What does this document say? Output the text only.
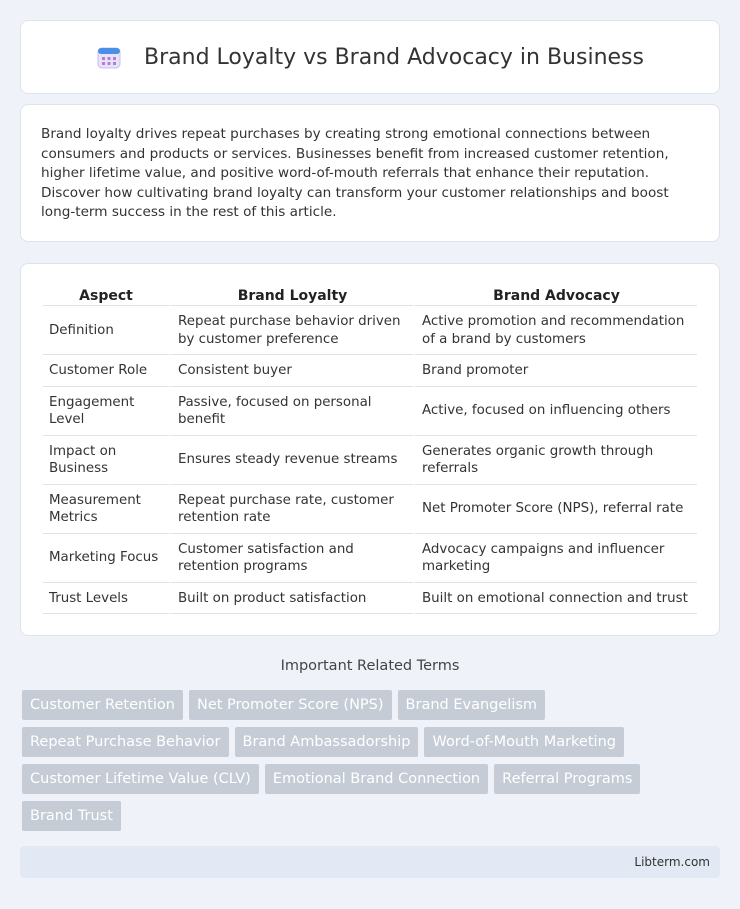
Brand Loyalty vs Brand Advocacy in Business

Brand loyalty drives repeat purchases by creating strong emotional connections between consumers and products or services. Businesses benefit from increased customer retention, higher lifetime value, and positive word-of-mouth referrals that enhance their reputation. Discover how cultivating brand loyalty can transform your customer relationships and boost long-term success in the rest of this article.

Aspect	Brand Loyalty	Brand Advocacy
Definition	Repeat purchase behavior driven by customer preference	Active promotion and recommendation of a brand by customers
Customer Role	Consistent buyer	Brand promoter
Engagement Level	Passive, focused on personal benefit	Active, focused on influencing others
Impact on Business	Ensures steady revenue streams	Generates organic growth through referrals
Measurement Metrics	Repeat purchase rate, customer retention rate	Net Promoter Score (NPS), referral rate
Marketing Focus	Customer satisfaction and retention programs	Advocacy campaigns and influencer marketing
Trust Levels	Built on product satisfaction	Built on emotional connection and trust
Important Related Terms
Customer Retention	Net Promoter Score (NPS)	Brand Evangelism
Repeat Purchase Behavior	Brand Ambassadorship	Word-of-Mouth Marketing
Customer Lifetime Value (CLV)	Emotional Brand Connection	Referral Programs
Brand Trust
Libterm.com
